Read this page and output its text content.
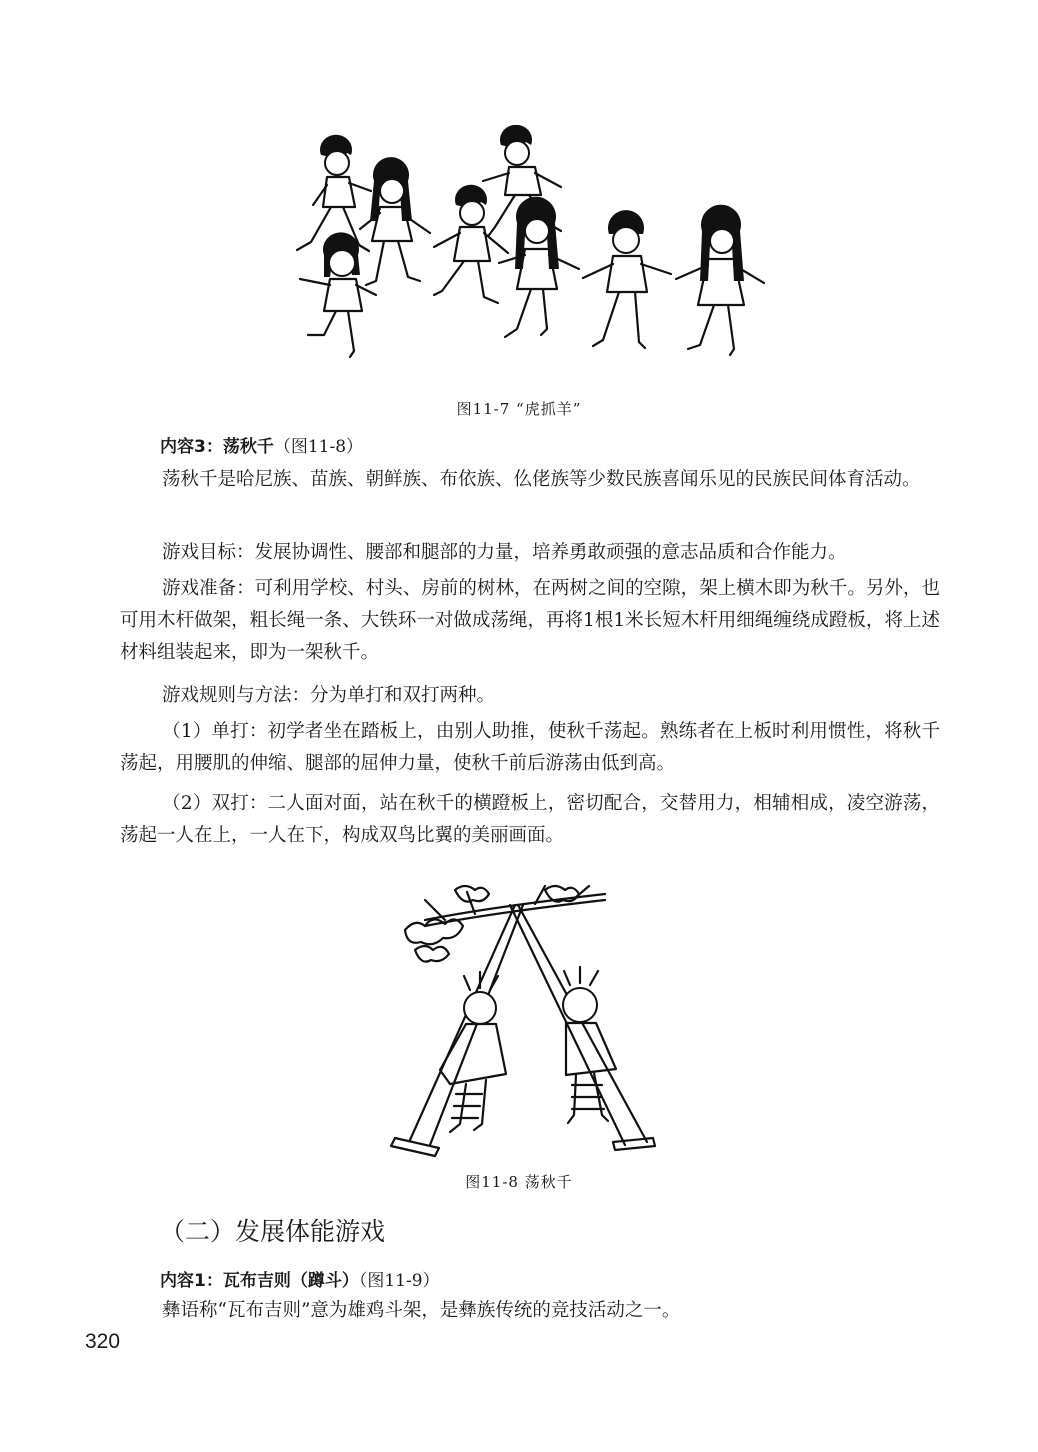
图11-7 “虎抓羊”
内容3：荡秋千（图11-8）
荡秋千是哈尼族、苗族、朝鲜族、布依族、仫佬族等少数民族喜闻乐见的民族民间体育活动。
游戏目标：发展协调性、腰部和腿部的力量，培养勇敢顽强的意志品质和合作能力。
游戏准备：可利用学校、村头、房前的树林，在两树之间的空隙，架上横木即为秋千。另外，也可用木杆做架，粗长绳一条、大铁环一对做成荡绳，再将1根1米长短木杆用细绳缠绕成蹬板，将上述材料组装起来，即为一架秋千。
游戏规则与方法：分为单打和双打两种。
（1）单打：初学者坐在踏板上，由别人助推，使秋千荡起。熟练者在上板时利用惯性，将秋千荡起，用腰肌的伸缩、腿部的屈伸力量，使秋千前后游荡由低到高。
（2）双打：二人面对面，站在秋千的横蹬板上，密切配合，交替用力，相辅相成，凌空游荡，荡起一人在上，一人在下，构成双鸟比翼的美丽画面。
图11-8 荡秋千
（二）发展体能游戏
内容1：瓦布吉则（蹲斗）（图11-9）
彝语称“瓦布吉则”意为雄鸡斗架，是彝族传统的竞技活动之一。
320
